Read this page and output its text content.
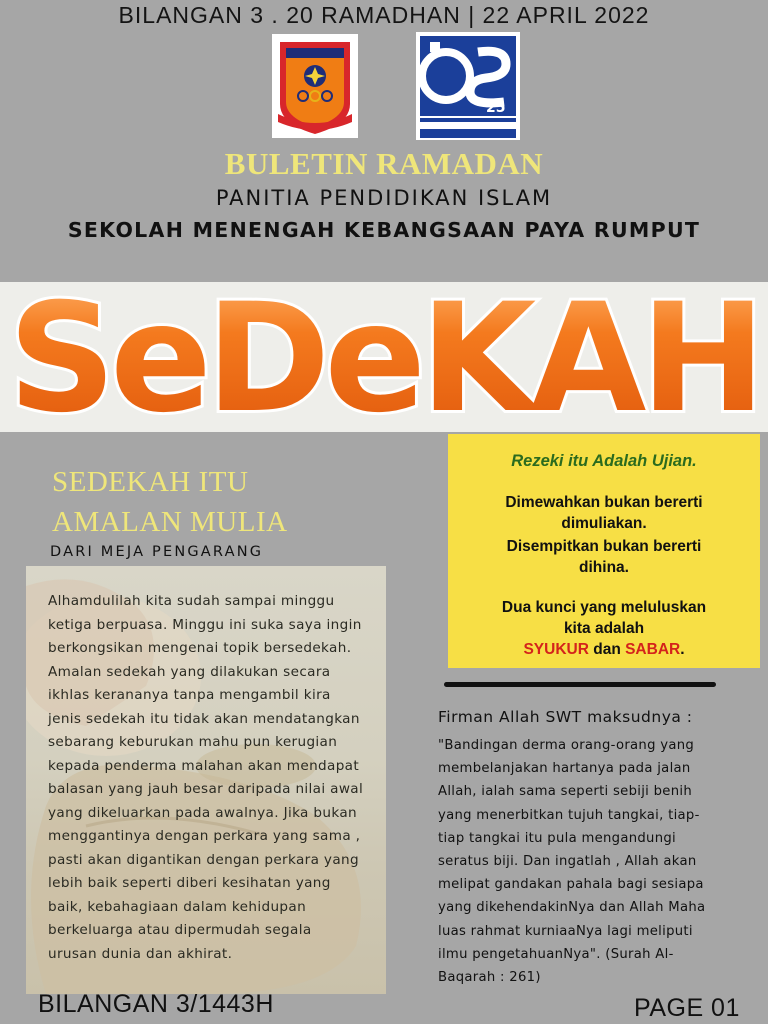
BILANGAN 3 . 20 RAMADHAN | 22 APRIL 2022
25
BULETIN RAMADAN
PANITIA PENDIDIKAN ISLAM
SEKOLAH MENENGAH KEBANGSAAN PAYA RUMPUT
SeDeKAH
SEDEKAH ITU
AMALAN MULIA
DARI MEJA PENGARANG
Alhamdulilah kita sudah sampai minggu
ketiga berpuasa. Minggu ini suka saya ingin
berkongsikan mengenai topik bersedekah.
Amalan sedekah yang dilakukan secara
ikhlas kerananya tanpa mengambil kira
jenis sedekah itu tidak akan mendatangkan
sebarang keburukan mahu pun kerugian
kepada penderma malahan akan mendapat
balasan yang jauh besar daripada nilai awal
yang dikeluarkan pada awalnya. Jika bukan
menggantinya dengan perkara yang sama ,
pasti akan digantikan dengan perkara yang
lebih baik seperti diberi kesihatan yang
baik, kebahagiaan dalam kehidupan
berkeluarga atau dipermudah segala
urusan dunia dan akhirat.
Rezeki itu Adalah Ujian.
Dimewahkan bukan bererti
dimuliakan.
Disempitkan bukan bererti
dihina.
Dua kunci yang meluluskan
kita adalah
SYUKUR dan SABAR.
Firman Allah SWT maksudnya :
"Bandingan derma orang-orang yang
membelanjakan hartanya pada jalan
Allah, ialah sama seperti sebiji benih
yang menerbitkan tujuh tangkai, tiap-
tiap tangkai itu pula mengandungi
seratus biji. Dan ingatlah , Allah akan
melipat gandakan pahala bagi sesiapa
yang dikehendakinNya dan Allah Maha
luas rahmat kurniaaNya lagi meliputi
ilmu pengetahuanNya". (Surah Al-
Baqarah : 261)
BILANGAN 3/1443H	PAGE 01
